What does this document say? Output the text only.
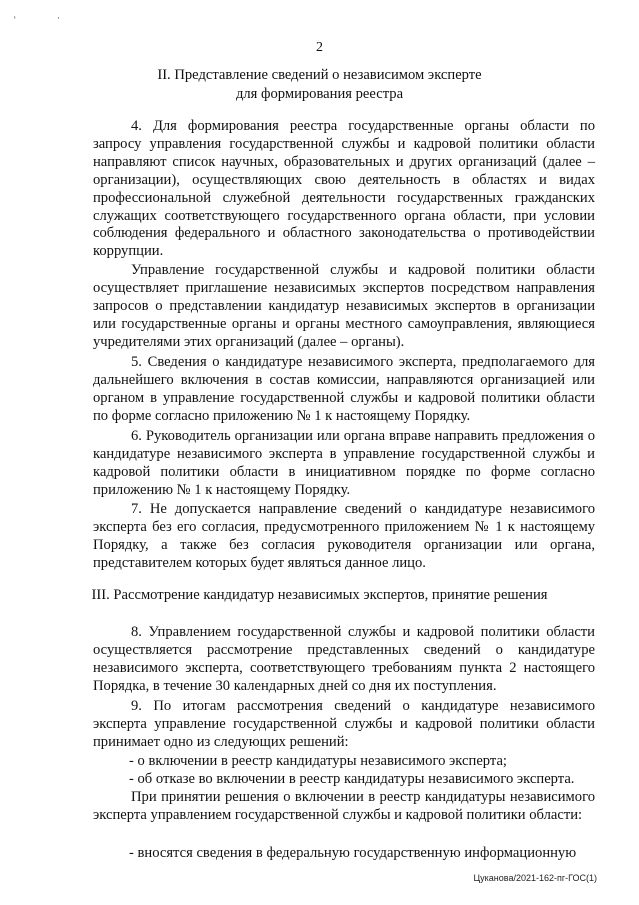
'	·
2
II. Представление сведений о независимом эксперте
для формирования реестра
4. Для формирования реестра государственные органы области по запросу управления государственной службы и кадровой политики области направляют список научных, образовательных и других организаций (далее – организации), осуществляющих свою деятельность в областях и видах профессиональной служебной деятельности государственных гражданских служащих соответствующего государственного органа области, при условии соблюдения федерального и областного законодательства о противодействии коррупции.
Управление государственной службы и кадровой политики области осуществляет приглашение независимых экспертов посредством направления запросов о представлении кандидатур независимых экспертов в организации или государственные органы и органы местного самоуправления, являющиеся учредителями этих организаций (далее – органы).
5. Сведения о кандидатуре независимого эксперта, предполагаемого для дальнейшего включения в состав комиссии, направляются организацией или органом в управление государственной службы и кадровой политики области по форме согласно приложению № 1 к настоящему Порядку.
6. Руководитель организации или органа вправе направить предложения о кандидатуре независимого эксперта в управление государственной службы и кадровой политики области в инициативном порядке по форме согласно приложению № 1 к настоящему Порядку.
7. Не допускается направление сведений о кандидатуре независимого эксперта без его согласия, предусмотренного приложением № 1 к настоящему Порядку, а также без согласия руководителя организации или органа, представителем которых будет являться данное лицо.
III. Рассмотрение кандидатур независимых экспертов, принятие решения
8. Управлением государственной службы и кадровой политики области осуществляется рассмотрение представленных сведений о кандидатуре независимого эксперта, соответствующего требованиям пункта 2 настоящего Порядка, в течение 30 календарных дней со дня их поступления.
9. По итогам рассмотрения сведений о кандидатуре независимого эксперта управление государственной службы и кадровой политики области принимает одно из следующих решений:
- о включении в реестр кандидатуры независимого эксперта;
- об отказе во включении в реестр кандидатуры независимого эксперта.
При принятии решения о включении в реестр кандидатуры независимого эксперта управлением государственной службы и кадровой политики области:
- вносятся сведения в федеральную государственную информационную
Цуканова/2021-162-пг-ГОС(1)
